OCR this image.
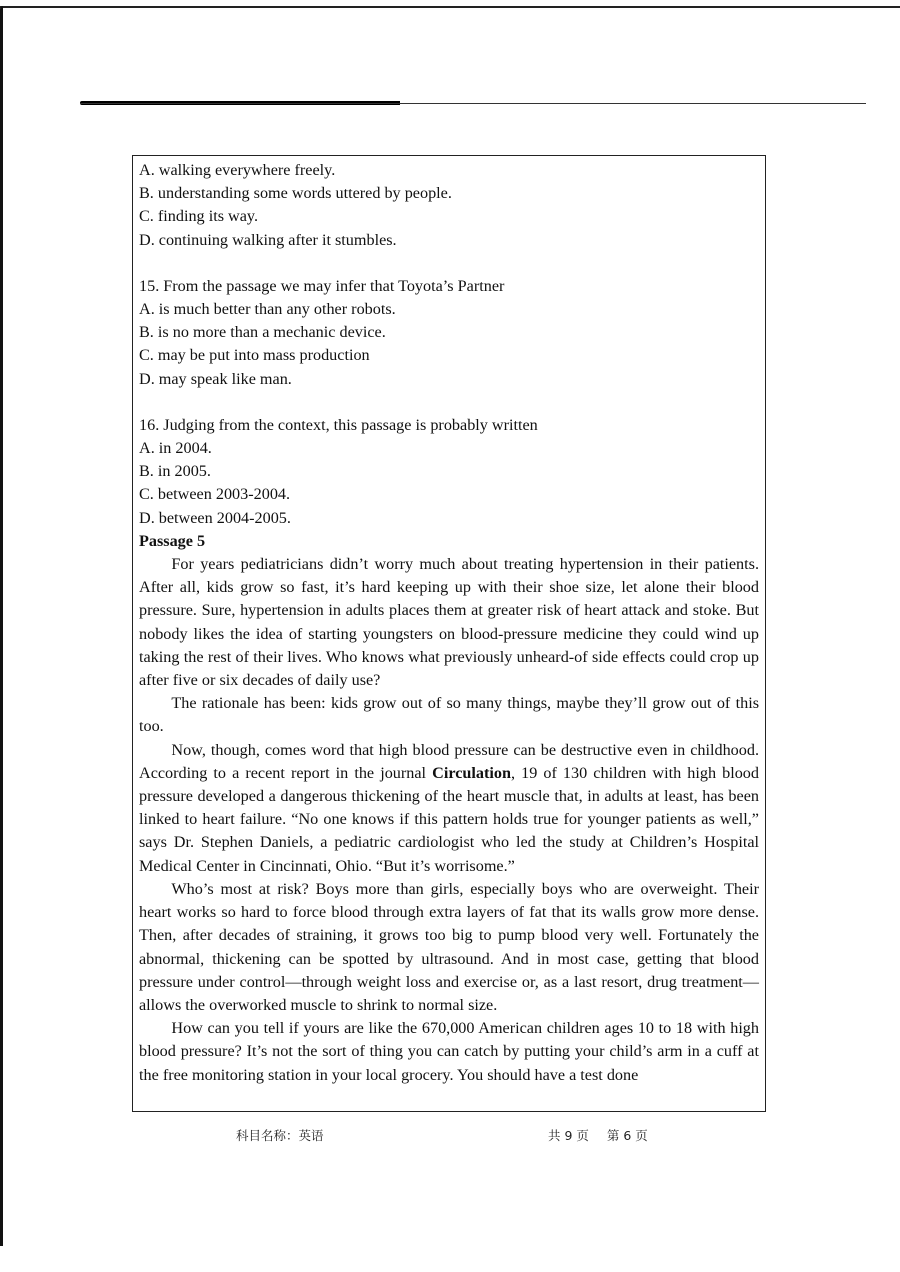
A. walking everywhere freely.

B. understanding some words uttered by people.

C. finding its way.

D. continuing walking after it stumbles.

15. From the passage we may infer that Toyota’s Partner

A. is much better than any other robots.

B. is no more than a mechanic device.

C. may be put into mass production

D. may speak like man.

16. Judging from the context, this passage is probably written

A. in 2004.

B. in 2005.

C. between 2003-2004.

D. between 2004-2005.

Passage 5

For years pediatricians didn’t worry much about treating hypertension in their patients. After all, kids grow so fast, it’s hard keeping up with their shoe size, let alone their blood pressure. Sure, hypertension in adults places them at greater risk of heart attack and stoke. But nobody likes the idea of starting youngsters on blood-pressure medicine they could wind up taking the rest of their lives. Who knows what previously unheard-of side effects could crop up after five or six decades of daily use?

The rationale has been: kids grow out of so many things, maybe they’ll grow out of this too.

Now, though, comes word that high blood pressure can be destructive even in childhood. According to a recent report in the journal Circulation, 19 of 130 children with high blood pressure developed a dangerous thickening of the heart muscle that, in adults at least, has been linked to heart failure. “No one knows if this pattern holds true for younger patients as well,” says Dr. Stephen Daniels, a pediatric cardiologist who led the study at Children’s Hospital Medical Center in Cincinnati, Ohio. “But it’s worrisome.”

Who’s most at risk? Boys more than girls, especially boys who are overweight. Their heart works so hard to force blood through extra layers of fat that its walls grow more dense. Then, after decades of straining, it grows too big to pump blood very well. Fortunately the abnormal, thickening can be spotted by ultrasound. And in most case, getting that blood pressure under control—through weight loss and exercise or, as a last resort, drug treatment—allows the overworked muscle to shrink to normal size.

How can you tell if yours are like the 670,000 American children ages 10 to 18 with high blood pressure? It’s not the sort of thing you can catch by putting your child’s arm in a cuff at the free monitoring station in your local grocery. You should have a test done

科目名称：英语	共 9 页 第 6 页
